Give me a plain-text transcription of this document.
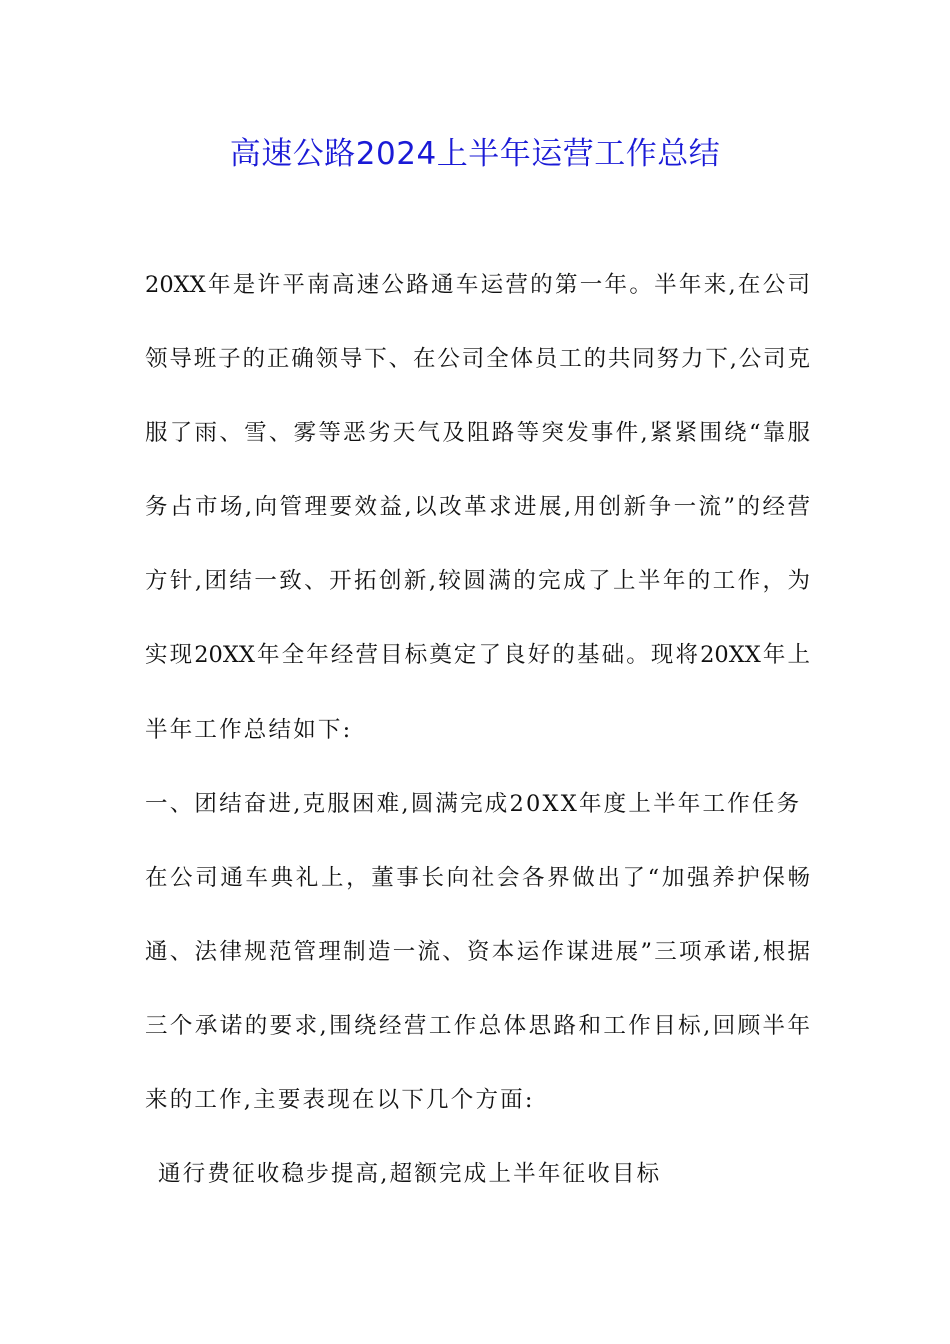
高速公路2024上半年运营工作总结
20XX年是许平南高速公路通车运营的第一年。半年来,在公司
领导班子的正确领导下、在公司全体员工的共同努力下,公司克
服了雨、雪、雾等恶劣天气及阻路等突发事件,紧紧围绕“靠服
务占市场,向管理要效益,以改革求进展,用创新争一流”的经营
方针,团结一致、开拓创新,较圆满的完成了上半年的工作，为
实现20XX年全年经营目标奠定了良好的基础。现将20XX年上
半年工作总结如下:
一、团结奋进,克服困难,圆满完成20XX年度上半年工作任务
在公司通车典礼上，董事长向社会各界做出了“加强养护保畅
通、法律规范管理制造一流、资本运作谋进展”三项承诺,根据
三个承诺的要求,围绕经营工作总体思路和工作目标,回顾半年
来的工作,主要表现在以下几个方面:
通行费征收稳步提高,超额完成上半年征收目标
